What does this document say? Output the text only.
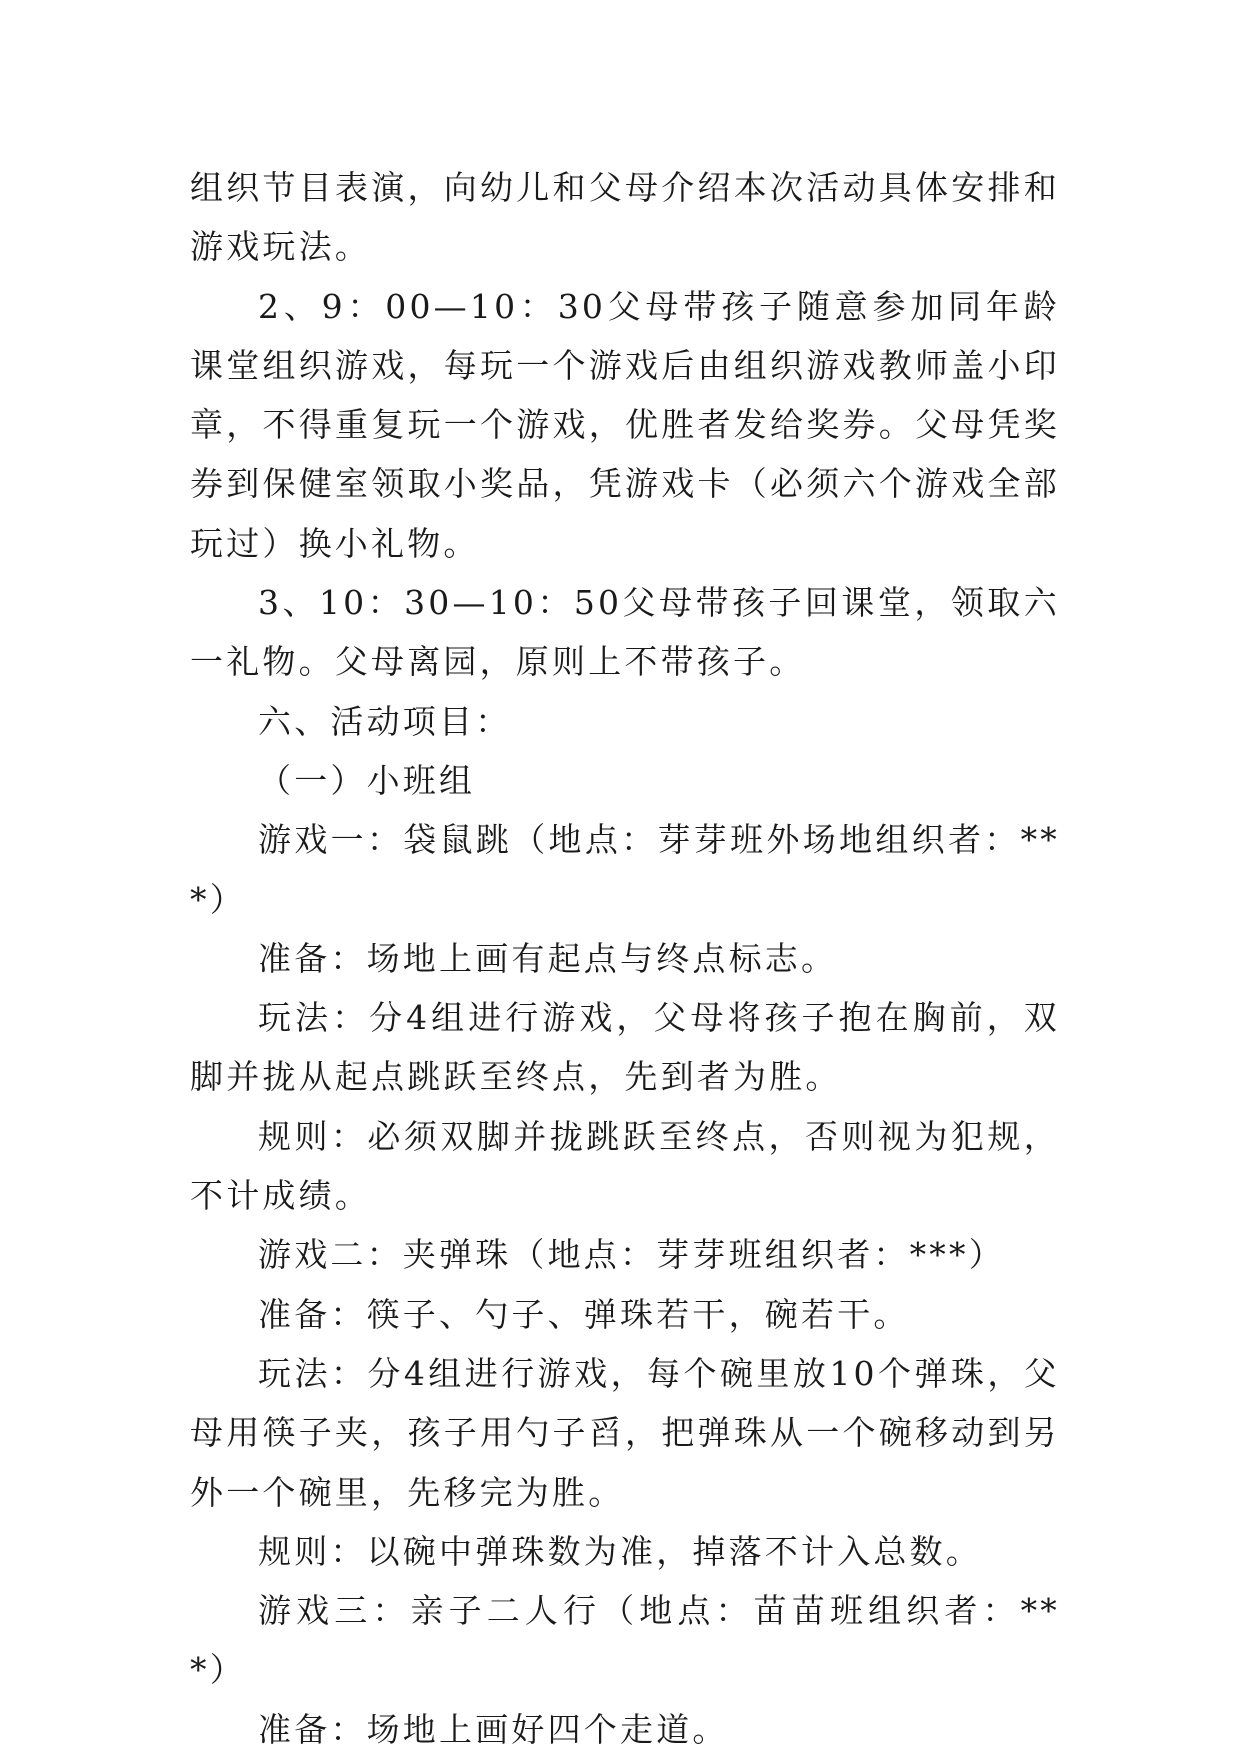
组织节目表演，向幼儿和父母介绍本次活动具体安排和游戏玩法。

2、9：00—10：30父母带孩子随意参加同年龄课堂组织游戏，每玩一个游戏后由组织游戏教师盖小印章，不得重复玩一个游戏，优胜者发给奖券。父母凭奖券到保健室领取小奖品，凭游戏卡（必须六个游戏全部玩过）换小礼物。

3、10：30—10：50父母带孩子回课堂，领取六一礼物。父母离园，原则上不带孩子。

六、活动项目：

（一）小班组

游戏一：袋鼠跳（地点：芽芽班外场地组织者：***）

准备：场地上画有起点与终点标志。

玩法：分4组进行游戏，父母将孩子抱在胸前，双脚并拢从起点跳跃至终点，先到者为胜。

规则：必须双脚并拢跳跃至终点，否则视为犯规，不计成绩。

游戏二：夹弹珠（地点：芽芽班组织者：***）

准备：筷子、勺子、弹珠若干，碗若干。

玩法：分4组进行游戏，每个碗里放10个弹珠，父母用筷子夹，孩子用勺子舀，把弹珠从一个碗移动到另外一个碗里，先移完为胜。

规则：以碗中弹珠数为准，掉落不计入总数。

游戏三：亲子二人行（地点：苗苗班组织者：***）

准备：场地上画好四个走道。
